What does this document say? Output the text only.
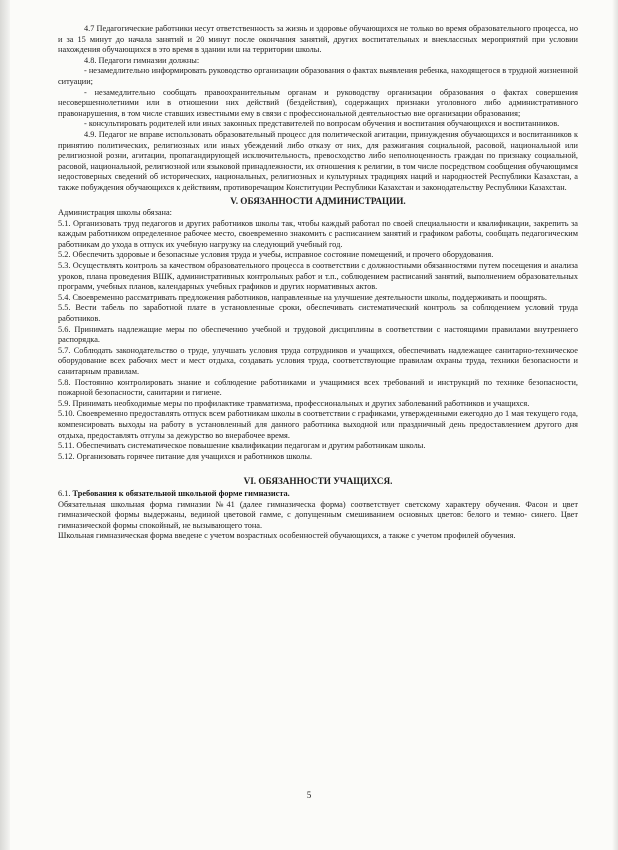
4.7 Педагогические работники несут ответственность за жизнь и здоровье обучающихся не только во время образовательного процесса, но и за 15 минут до начала занятий и 20 минут после окончания занятий, других воспитательных и внеклассных мероприятий при условии нахождения обучающихся в это время в здании или на территории школы.

4.8. Педагоги гимназии должны:

- незамедлительно информировать руководство организации образования о фактах выявления ребенка, находящегося в трудной жизненной ситуации;

- незамедлительно сообщать правоохранительным органам и руководству организации образования о фактах совершения несовершеннолетними или в отношении них действий (бездействия), содержащих признаки уголовного либо административного правонарушения, в том числе ставших известными ему в связи с профессиональной деятельностью вне организации образования;

- консультировать родителей или иных законных представителей по вопросам обучения и воспитания обучающихся и воспитанников.

4.9. Педагог не вправе использовать образовательный процесс для политической агитации, принуждения обучающихся и воспитанников к принятию политических, религиозных или иных убеждений либо отказу от них, для разжигания социальной, расовой, национальной или религиозной розни, агитации, пропагандирующей исключительность, превосходство либо неполноценность граждан по признаку социальной, расовой, национальной, религиозной или языковой принадлежности, их отношения к религии, в том числе посредством сообщения обучающимся недостоверных сведений об исторических, национальных, религиозных и культурных традициях наций и народностей Республики Казахстан, а также побуждения обучающихся к действиям, противоречащим Конституции Республики Казахстан и законодательству Республики Казахстан.

V. ОБЯЗАННОСТИ АДМИНИСТРАЦИИ.

Администрация школы обязана:

5.1. Организовать труд педагогов и других работников школы так, чтобы каждый работал по своей специальности и квалификации, закрепить за каждым работником определенное рабочее место, своевременно знакомить с расписанием занятий и графиком работы, сообщать педагогическим работникам до ухода в отпуск их учебную нагрузку на следующий учебный год.

5.2. Обеспечить здоровые и безопасные условия труда и учебы, исправное состояние помещений, и прочего оборудования.

5.3. Осуществлять контроль за качеством образовательного процесса в соответствии с должностными обязанностями путем посещения и анализа уроков, плана проведения ВШК, административных контрольных работ и т.п., соблюдением расписаний занятий, выполнением образовательных программ, учебных планов, календарных учебных графиков и других нормативных актов.

5.4. Своевременно рассматривать предложения работников, направленные на улучшение деятельности школы, поддерживать и поощрять.

5.5. Вести табель по заработной плате в установленные сроки, обеспечивать систематический контроль за соблюдением условий труда работников.

5.6. Принимать надлежащие меры по обеспечению учебной и трудовой дисциплины в соответствии с настоящими правилами внутреннего распорядка.

5.7. Соблюдать законодательство о труде, улучшать условия труда сотрудников и учащихся, обеспечивать надлежащее санитарно-техническое оборудование всех рабочих мест и мест отдыха, создавать условия труда, соответствующие правилам охраны труда, техники безопасности и санитарным правилам.

5.8. Постоянно контролировать знание и соблюдение работниками и учащимися всех требований и инструкций по технике безопасности, пожарной безопасности, санитарии и гигиене.

5.9. Принимать необходимые меры по профилактике травматизма, профессиональных и других заболеваний работников и учащихся.

5.10. Своевременно предоставлять отпуск всем работникам школы в соответствии с графиками, утвержденными ежегодно до 1 мая текущего года, компенсировать выходы на работу в установленный для данного работника выходной или праздничный день предоставлением другого дня отдыха, предоставлять отгулы за дежурство во внерабочее время.

5.11. Обеспечивать систематическое повышение квалификации педагогам и другим работникам школы.

5.12. Организовать горячее питание для учащихся и работников школы.

VI. ОБЯЗАННОСТИ УЧАЩИХСЯ.

6.1. Требования к обязательной школьной форме гимназиста.

Обязательная школьная форма гимназии №41 (далее гимназическа форма) соответствует светскому характеру обучения. Фасон и цвет гимназической формы выдержаны, вединой цветовой гамме, с допущенным смешиванием основных цветов: белого и темно- синего. Цвет гимназической формы спокойный, не вызывающего тона.

Школьная гимназическая форма введене с учетом возрастных особенностей обучающихся, а также с учетом профилей обучения.

5
